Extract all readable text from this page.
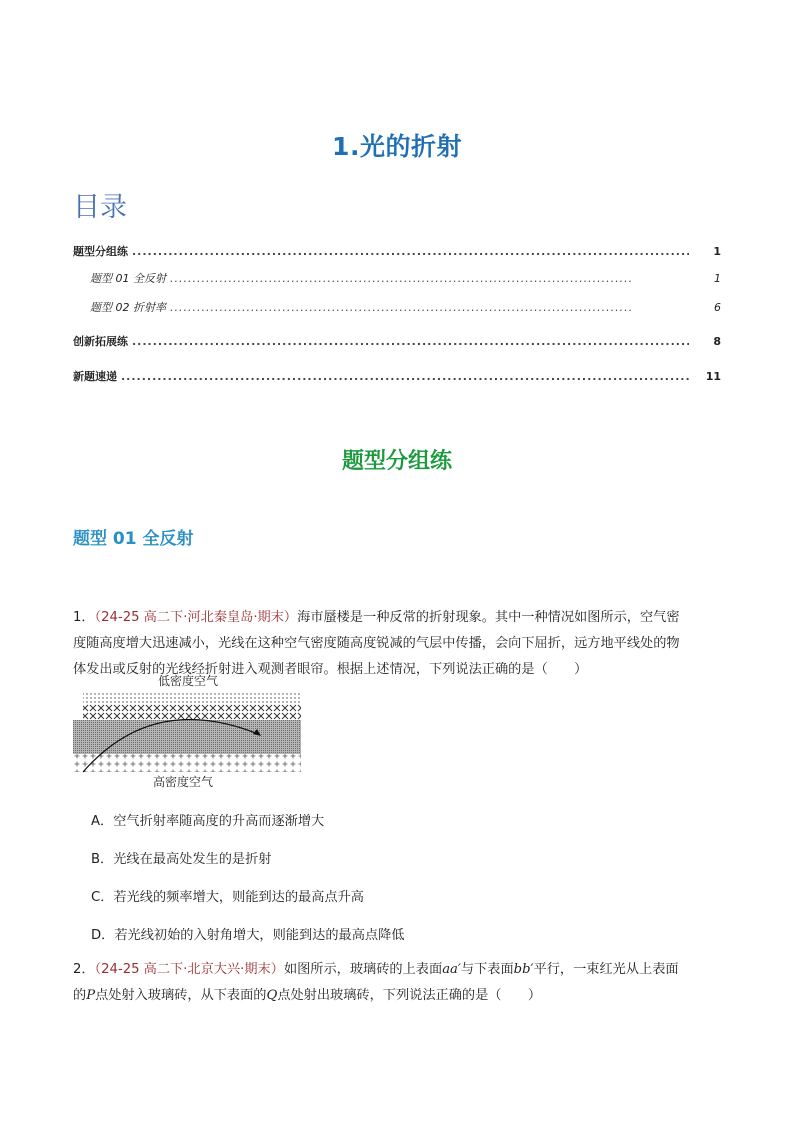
1.光的折射
目录
题型分组练 .....	1
题型 01 全反射 .....	1
题型 02 折射率 .....	6
创新拓展练 .....	8
新题速递 .....	11
题型分组练
题型 01 全反射
1．（24-25 高二下·河北秦皇岛·期末）海市蜃楼是一种反常的折射现象。其中一种情况如图所示，空气密
度随高度增大迅速减小，光线在这种空气密度随高度锐减的气层中传播，会向下屈折，远方地平线处的物
体发出或反射的光线经折射进入观测者眼帘。根据上述情况，下列说法正确的是（　　）
低密度空气
高密度空气
A．空气折射率随高度的升高而逐渐增大
B．光线在最高处发生的是折射
C．若光线的频率增大，则能到达的最高点升高
D．若光线初始的入射角增大，则能到达的最高点降低
2．（24-25 高二下·北京大兴·期末）如图所示，玻璃砖的上表面aa′与下表面bb′平行，一束红光从上表面
的P点处射入玻璃砖，从下表面的Q点处射出玻璃砖，下列说法正确的是（　　）
